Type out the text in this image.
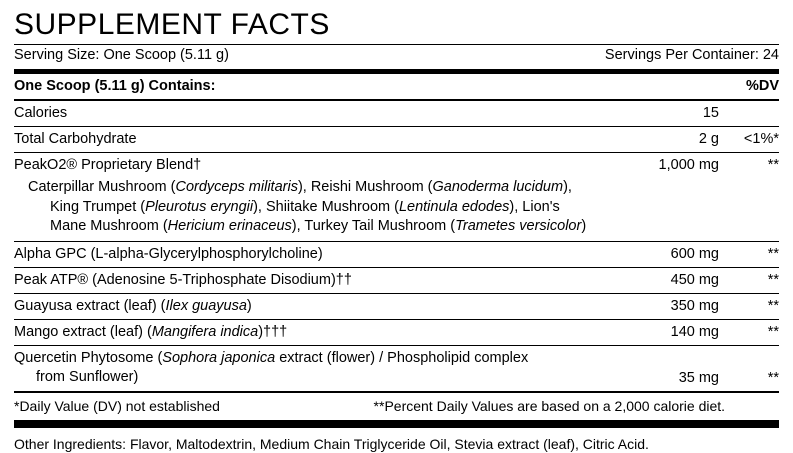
SUPPLEMENT FACTS
Serving Size: One Scoop (5.11 g)	Servings Per Container: 24
One Scoop (5.11 g) Contains:	%DV
Calories	15
Total Carbohydrate	2 g	<1%*
PeakO2® Proprietary Blend†	1,000 mg	**
Caterpillar Mushroom (Cordyceps militaris), Reishi Mushroom (Ganoderma lucidum),
King Trumpet (Pleurotus eryngii), Shiitake Mushroom (Lentinula edodes), Lion's
Mane Mushroom (Hericium erinaceus), Turkey Tail Mushroom (Trametes versicolor)
Alpha GPC (L-alpha-Glycerylphosphorylcholine)	600 mg	**
Peak ATP® (Adenosine 5-Triphosphate Disodium)††	450 mg	**
Guayusa extract (leaf) (Ilex guayusa)	350 mg	**
Mango extract (leaf) (Mangifera indica)†††	140 mg	**
Quercetin Phytosome (Sophora japonica extract (flower) / Phospholipid complex
from Sunflower)	35 mg	**
*Daily Value (DV) not established	**Percent Daily Values are based on a 2,000 calorie diet.
Other Ingredients: Flavor, Maltodextrin, Medium Chain Triglyceride Oil, Stevia extract (leaf), Citric Acid.
